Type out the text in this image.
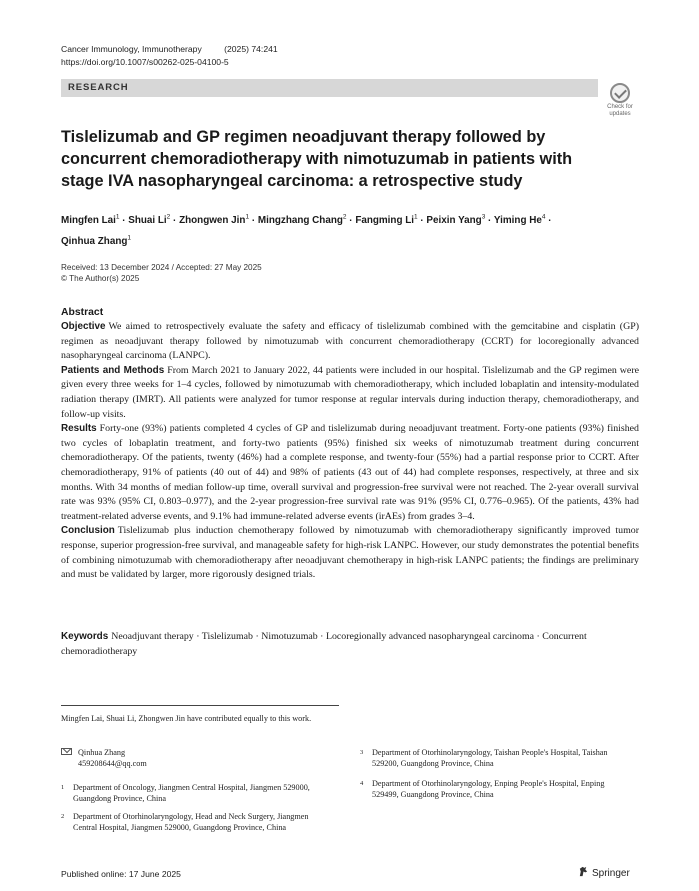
Cancer Immunology, Immunotherapy	(2025) 74:241
https://doi.org/10.1007/s00262-025-04100-5
RESEARCH
Check for
updates
Tislelizumab and GP regimen neoadjuvant therapy followed by concurrent chemoradiotherapy with nimotuzumab in patients with stage IVA nasopharyngeal carcinoma: a retrospective study
Mingfen Lai$^1$ · Shuai $Li^2$ · Zhongwen Jin$^1$ · Mingzhang Chang$^2$ · Fangming $Li^1$ · Peixin Yang$^3$ · Yiming $He^4$ ·
Qinhua Zhang$^1$
Received: 13 December 2024 / Accepted: 27 May 2025
© The Author(s) 2025
Abstract

Objective We aimed to retrospectively evaluate the safety and efficacy of tislelizumab combined with the gemcitabine and cisplatin (GP) regimen as neoadjuvant therapy followed by nimotuzumab with concurrent chemoradiotherapy (CCRT) for locoregionally advanced nasopharyngeal carcinoma (LANPC).

Patients and Methods From March 2021 to January 2022, 44 patients were included in our hospital. Tislelizumab and the GP regimen were given every three weeks for 1–4 cycles, followed by nimotuzumab with chemoradiotherapy, which included lobaplatin and intensity-modulated radiation therapy (IMRT). All patients were analyzed for tumor response at regular intervals during induction therapy, chemoradiotherapy, and follow-up visits.

Results Forty-one (93%) patients completed 4 cycles of GP and tislelizumab during neoadjuvant treatment. Forty-one patients (93%) finished two cycles of lobaplatin treatment, and forty-two patients (95%) finished six weeks of nimotuzumab treatment during concurrent chemoradiotherapy. Of the patients, twenty (46%) had a complete response, and twenty-four (55%) had a partial response prior to CCRT. After chemoradiotherapy, 91% of patients (40 out of 44) and 98% of patients (43 out of 44) had complete responses, respectively, at three and six months. With 34 months of median follow-up time, overall survival and progression-free survival were not reached. The 2-year overall survival rate was 93% (95% CI, 0.803–0.977), and the 2-year progression-free survival rate was 91% (95% CI, 0.776–0.965). Of the patients, 43% had treatment-related adverse events, and 9.1% had immune-related adverse events (irAEs) from grades 3–4.

Conclusion Tislelizumab plus induction chemotherapy followed by nimotuzumab with chemoradiotherapy significantly improved tumor response, superior progression-free survival, and manageable safety for high-risk LANPC. However, our study demonstrates the potential benefits of combining nimotuzumab with chemoradiotherapy after neoadjuvant chemotherapy in high-risk LANPC patients; the findings are preliminary and must be validated by larger, more rigorously designed trials.

Keywords Neoadjuvant therapy · Tislelizumab · Nimotuzumab · Locoregionally advanced nasopharyngeal carcinoma · Concurrent chemoradiotherapy
Mingfen Lai, Shuai Li, Zhongwen Jin have contributed equally to this work.
Qinhua Zhang
459208644@qq.com
1 Department of Oncology, Jiangmen Central Hospital, Jiangmen 529000, Guangdong Province, China
2 Department of Otorhinolaryngology, Head and Neck Surgery, Jiangmen Central Hospital, Jiangmen 529000, Guangdong Province, China
3 Department of Otorhinolaryngology, Taishan People's Hospital, Taishan 529200, Guangdong Province, China
4 Department of Otorhinolaryngology, Enping People's Hospital, Enping 529499, Guangdong Province, China
Published online: 17 June 2025	Springer
